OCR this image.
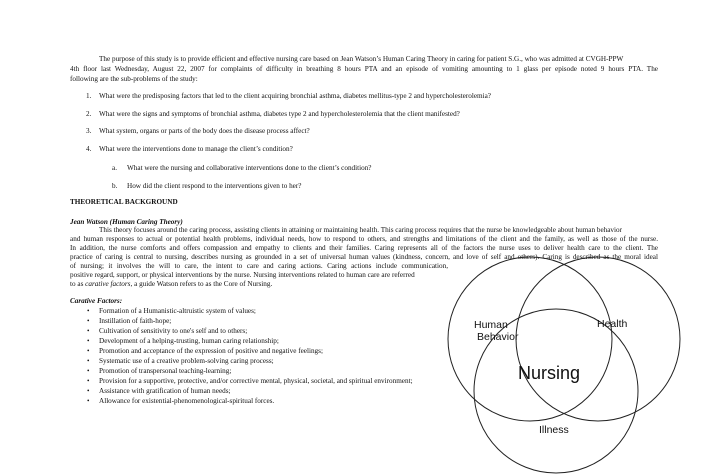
The purpose of this study is to provide efficient and effective nursing care based on Jean Watson’s Human Caring Theory in caring for patient S.G., who was admitted at CVGH-PPW
4th floor last Wednesday, August 22, 2007 for complaints of difficulty in breathing 8 hours PTA and an episode of vomiting amounting to 1 glass per episode noted 9 hours PTA. The
following are the sub-problems of the study:
1. What were the predisposing factors that led to the client acquiring bronchial asthma, diabetes mellitus-type 2 and hypercholesterolemia?
2. What were the signs and symptoms of bronchial asthma, diabetes type 2 and hypercholesterolemia that the client manifested?
3. What system, organs or parts of the body does the disease process affect?
4. What were the interventions done to manage the client’s condition?
a. What were the nursing and collaborative interventions done to the client’s condition?
b. How did the client respond to the interventions given to her?
THEORETICAL BACKGROUND
Jean Watson (Human Caring Theory)
This theory focuses around the caring process, assisting clients in attaining or maintaining health. This caring process requires that the nurse be knowledgeable about human behavior
and human responses to actual or potential health problems, individual needs, how to respond to others, and strengths and limitations of the client and the family, as well as those of the nurse.
In addition, the nurse comforts and offers compassion and empathy to clients and their families. Caring represents all of the factors the nurse uses to deliver health care to the client. The
practice of caring is central to nursing, describes nursing as grounded in a set of universal human values (kindness, concern, and love of self and others). Caring is described as the moral ideal
of nursing; it involves the will to care, the intent to care and caring actions. Caring actions include communication,
positive regard, support, or physical interventions by the nurse. Nursing interventions related to human care are referred
to as carative factors, a guide Watson refers to as the Core of Nursing.
Carative Factors:
• Formation of a Humanistic-altruistic system of values;
• Instillation of faith-hope;
• Cultivation of sensitivity to one's self and to others;
• Development of a helping-trusting, human caring relationship;
• Promotion and acceptance of the expression of positive and negative feelings;
• Systematic use of a creative problem-solving caring process;
• Promotion of transpersonal teaching-learning;
• Provision for a supportive, protective, and/or corrective mental, physical, societal, and spiritual environment;
• Assistance with gratification of human needs;
• Allowance for existential-phenomenological-spiritual forces.
Human
Behavior
Health
Nursing
Illness
